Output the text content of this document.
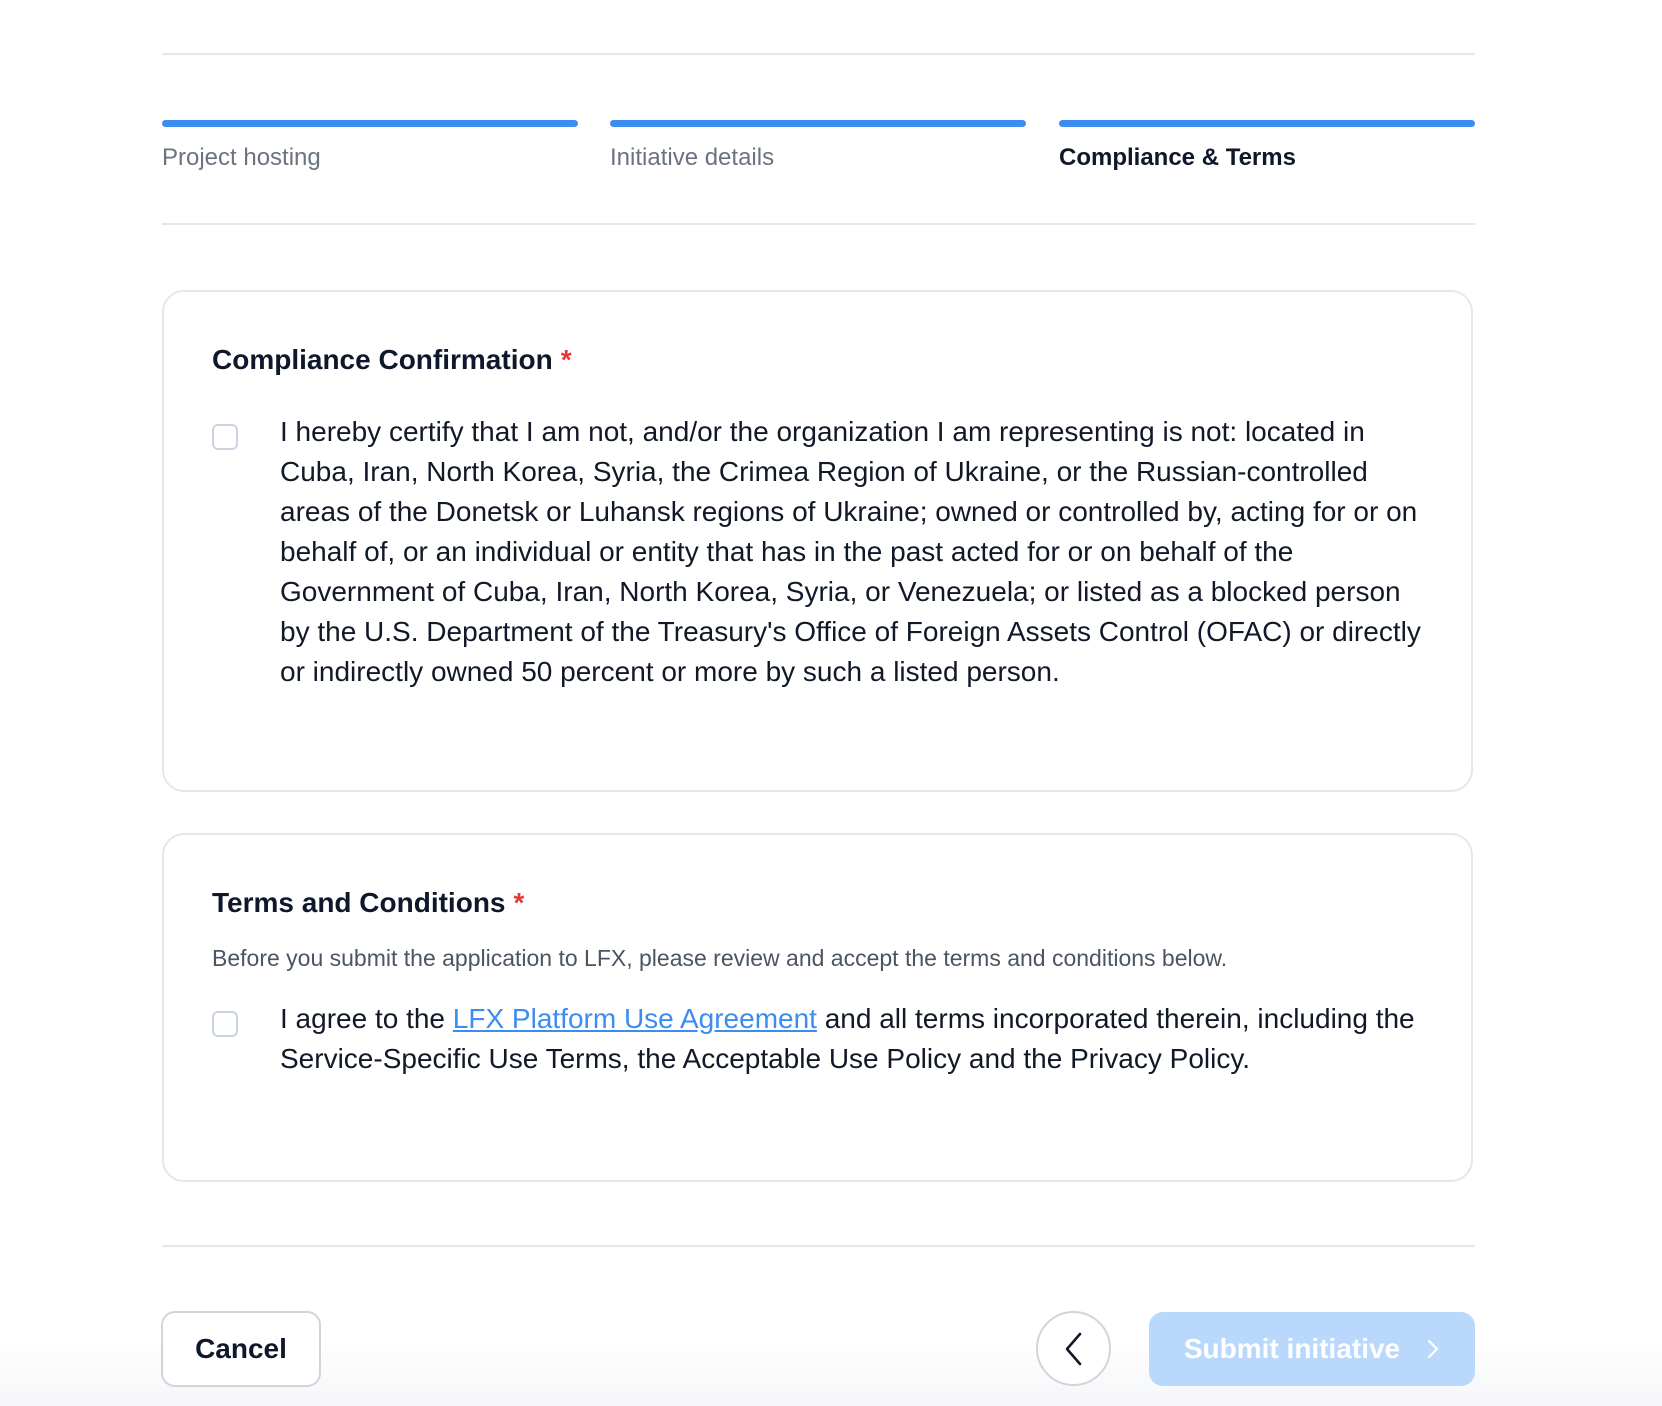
Project hosting	Initiative details	Compliance & Terms
Compliance Confirmation *
I hereby certify that I am not, and/or the organization I am representing is not: located in Cuba, Iran, North Korea, Syria, the Crimea Region of Ukraine, or the Russian-controlled areas of the Donetsk or Luhansk regions of Ukraine; owned or controlled by, acting for or on behalf of, or an individual or entity that has in the past acted for or on behalf of the Government of Cuba, Iran, North Korea, Syria, or Venezuela; or listed as a blocked person by the U.S. Department of the Treasury's Office of Foreign Assets Control (OFAC) or directly or indirectly owned 50 percent or more by such a listed person.
Terms and Conditions *
Before you submit the application to LFX, please review and accept the terms and conditions below.
I agree to the LFX Platform Use Agreement and all terms incorporated therein, including the Service-Specific Use Terms, the Acceptable Use Policy and the Privacy Policy.
Cancel	Submit initiative
